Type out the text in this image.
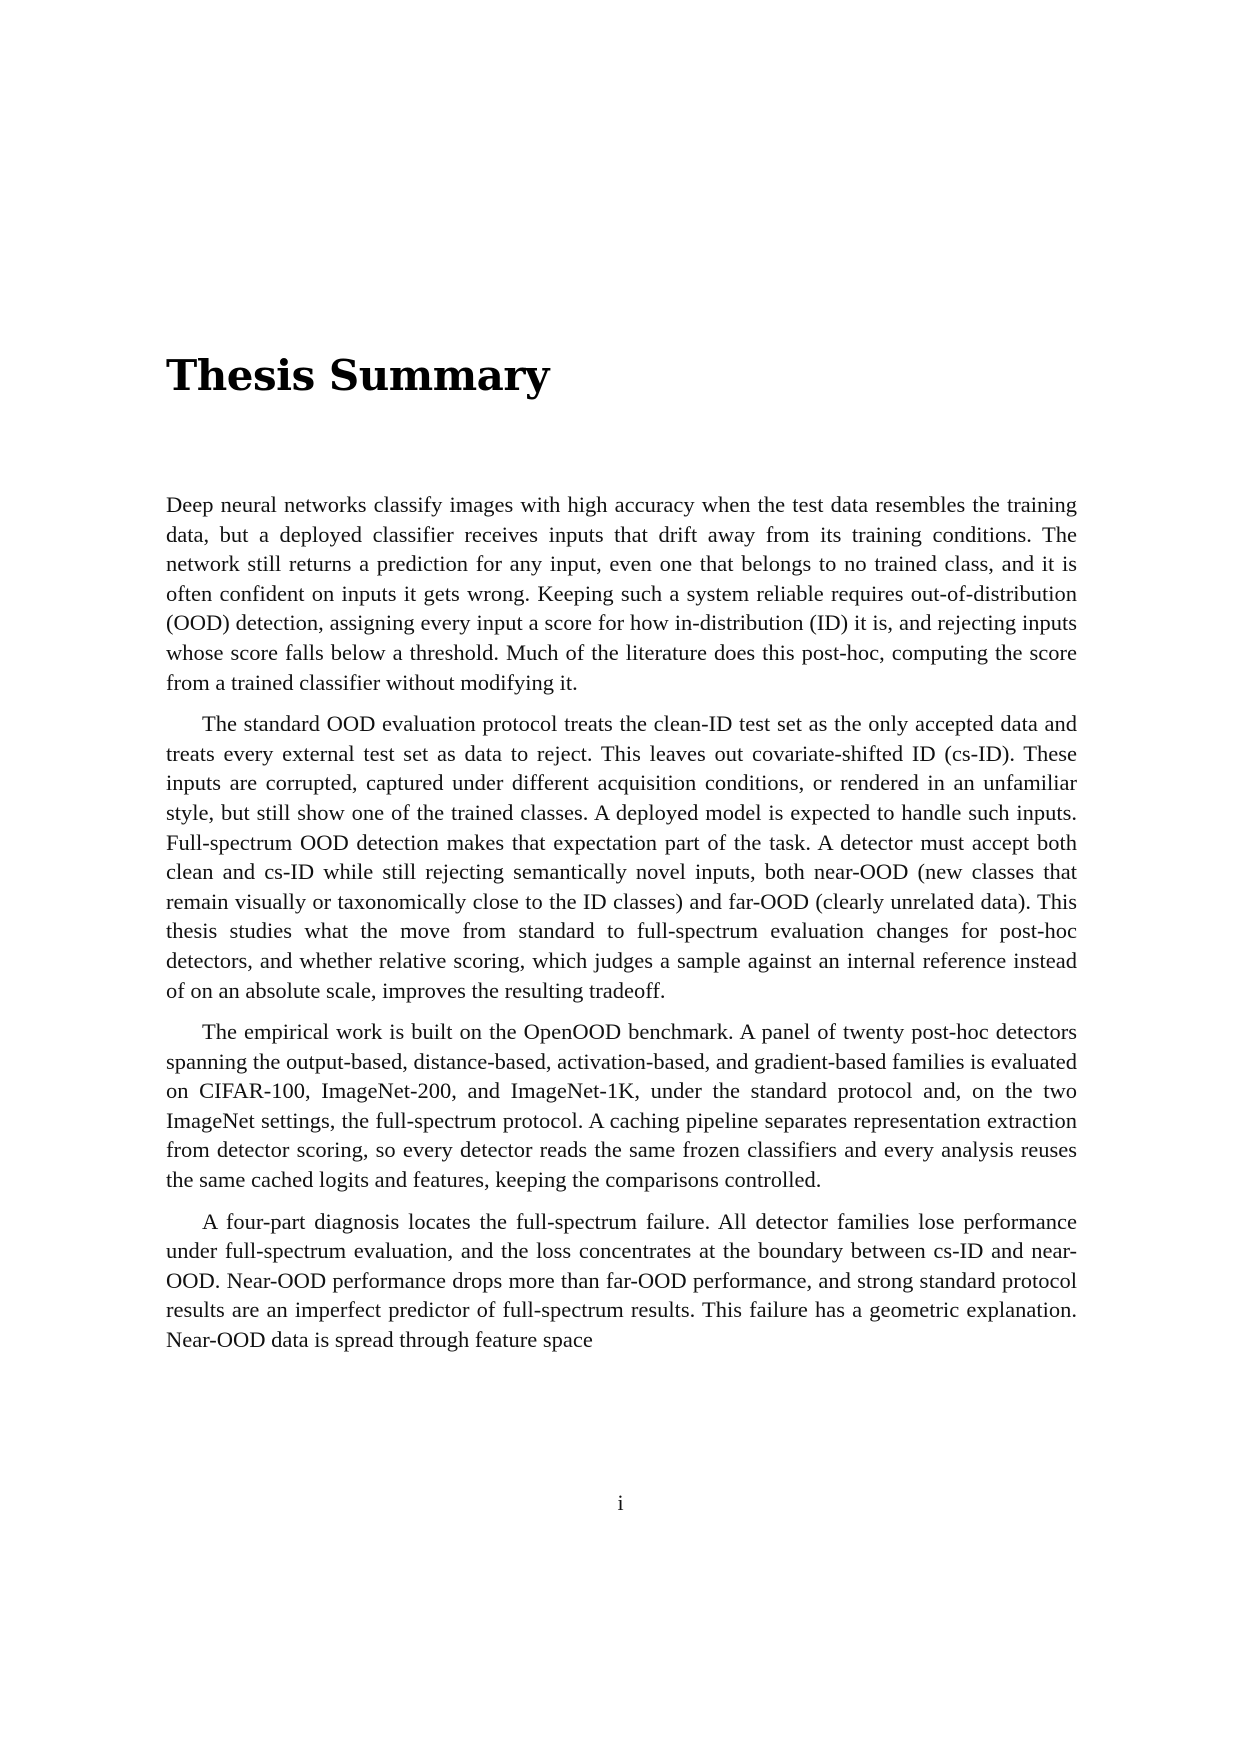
Thesis Summary

Deep neural networks classify images with high accuracy when the test data resembles the training data, but a deployed classifier receives inputs that drift away from its training conditions. The network still returns a prediction for any input, even one that belongs to no trained class, and it is often confident on inputs it gets wrong. Keeping such a system reliable requires out-of-distribution (OOD) detection, assigning every input a score for how in-distribution (ID) it is, and rejecting inputs whose score falls below a threshold. Much of the literature does this post-hoc, computing the score from a trained classifier without modifying it.

The standard OOD evaluation protocol treats the clean-ID test set as the only accepted data and treats every external test set as data to reject. This leaves out covariate-shifted ID (cs-ID). These inputs are corrupted, captured under different acquisition conditions, or rendered in an unfamiliar style, but still show one of the trained classes. A deployed model is expected to handle such inputs. Full-spectrum OOD detection makes that expectation part of the task. A detector must accept both clean and cs-ID while still rejecting semantically novel inputs, both near-OOD (new classes that remain visually or taxonomically close to the ID classes) and far-OOD (clearly unrelated data). This thesis studies what the move from standard to full-spectrum evaluation changes for post-hoc detectors, and whether relative scoring, which judges a sample against an internal reference instead of on an absolute scale, improves the resulting tradeoff.

The empirical work is built on the OpenOOD benchmark. A panel of twenty post-hoc detectors spanning the output-based, distance-based, activation-based, and gradient-based families is evaluated on CIFAR-100, ImageNet-200, and ImageNet-1K, under the standard protocol and, on the two ImageNet settings, the full-spectrum protocol. A caching pipeline separates representation extraction from detector scoring, so every detector reads the same frozen classifiers and every analysis reuses the same cached logits and features, keeping the comparisons controlled.

A four-part diagnosis locates the full-spectrum failure. All detector families lose performance under full-spectrum evaluation, and the loss concentrates at the boundary between cs-ID and near-OOD. Near-OOD performance drops more than far-OOD performance, and strong standard protocol results are an imperfect predictor of full-spectrum results. This failure has a geometric explanation. Near-OOD data is spread through feature space

i
